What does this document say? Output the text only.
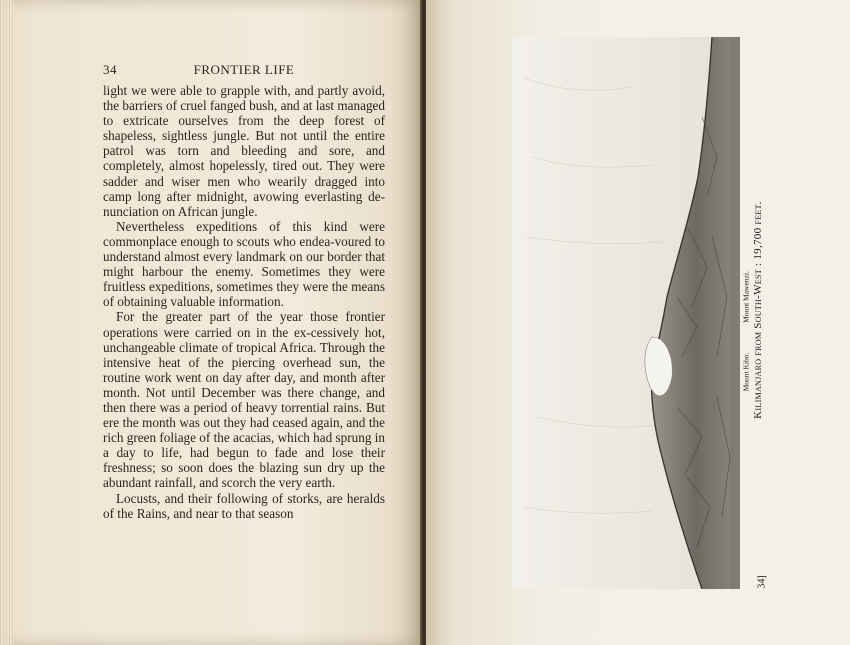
34	FRONTIER LIFE

light we were able to grapple with, and partly avoid, the barriers of cruel fanged bush, and at last managed to extricate ourselves from the deep forest of shapeless, sightless jungle. But not until the entire patrol was torn and bleeding and sore, and completely, almost hopelessly, tired out. They were sadder and wiser men who wearily dragged into camp long after midnight, avowing everlasting de-nunciation on African jungle.

Nevertheless expeditions of this kind were commonplace enough to scouts who endea-voured to understand almost every landmark on our border that might harbour the enemy. Sometimes they were fruitless expeditions, sometimes they were the means of obtaining valuable information.

For the greater part of the year those frontier operations were carried on in the ex-cessively hot, unchangeable climate of tropical Africa. Through the intensive heat of the piercing overhead sun, the routine work went on day after day, and month after month. Not until December was there change, and then there was a period of heavy torrential rains. But ere the month was out they had ceased again, and the rich green foliage of the acacias, which had sprung in a day to life, had begun to fade and lose their freshness; so soon does the blazing sun dry up the abundant rainfall, and scorch the very earth.

Locusts, and their following of storks, are heralds of the Rains, and near to that season

Mount Kibo.
Mount Mawenzi. Kilimanjaro from South-West : 19,700 feet.
34]
